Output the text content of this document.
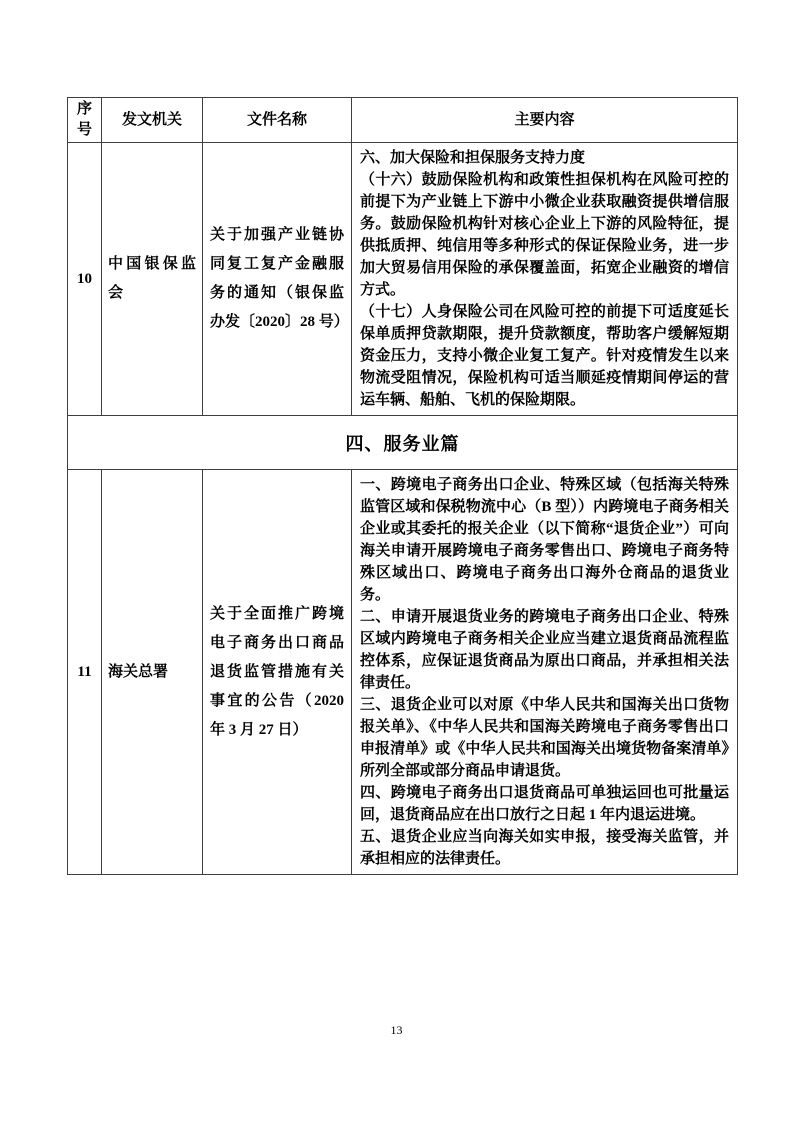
序号	发文机关	文件名称	主要内容
10	中国银保监会	关于加强产业链协同复工复产金融服务的通知（银保监办发〔2020〕28 号）	六、加大保险和担保服务支持力度

（十六）鼓励保险机构和政策性担保机构在风险可控的前提下为产业链上下游中小微企业获取融资提供增信服务。鼓励保险机构针对核心企业上下游的风险特征，提供抵质押、纯信用等多种形式的保证保险业务，进一步加大贸易信用保险的承保覆盖面，拓宽企业融资的增信方式。

（十七）人身保险公司在风险可控的前提下可适度延长保单质押贷款期限，提升贷款额度，帮助客户缓解短期资金压力，支持小微企业复工复产。针对疫情发生以来物流受阻情况，保险机构可适当顺延疫情期间停运的营运车辆、船舶、飞机的保险期限。

四、服务业篇			
11	海关总署	关于全面推广跨境电子商务出口商品退货监管措施有关事宜的公告（2020 年 3 月 27 日）	一、跨境电子商务出口企业、特殊区域（包括海关特殊监管区域和保税物流中心（B 型））内跨境电子商务相关企业或其委托的报关企业（以下简称“退货企业”）可向海关申请开展跨境电子商务零售出口、跨境电子商务特殊区域出口、跨境电子商务出口海外仓商品的退货业务。

二、申请开展退货业务的跨境电子商务出口企业、特殊区域内跨境电子商务相关企业应当建立退货商品流程监控体系，应保证退货商品为原出口商品，并承担相关法律责任。

三、退货企业可以对原《中华人民共和国海关出口货物报关单》、《中华人民共和国海关跨境电子商务零售出口申报清单》或《中华人民共和国海关出境货物备案清单》所列全部或部分商品申请退货。

四、跨境电子商务出口退货商品可单独运回也可批量运回，退货商品应在出口放行之日起 1 年内退运进境。

五、退货企业应当向海关如实申报，接受海关监管，并承担相应的法律责任。

13
